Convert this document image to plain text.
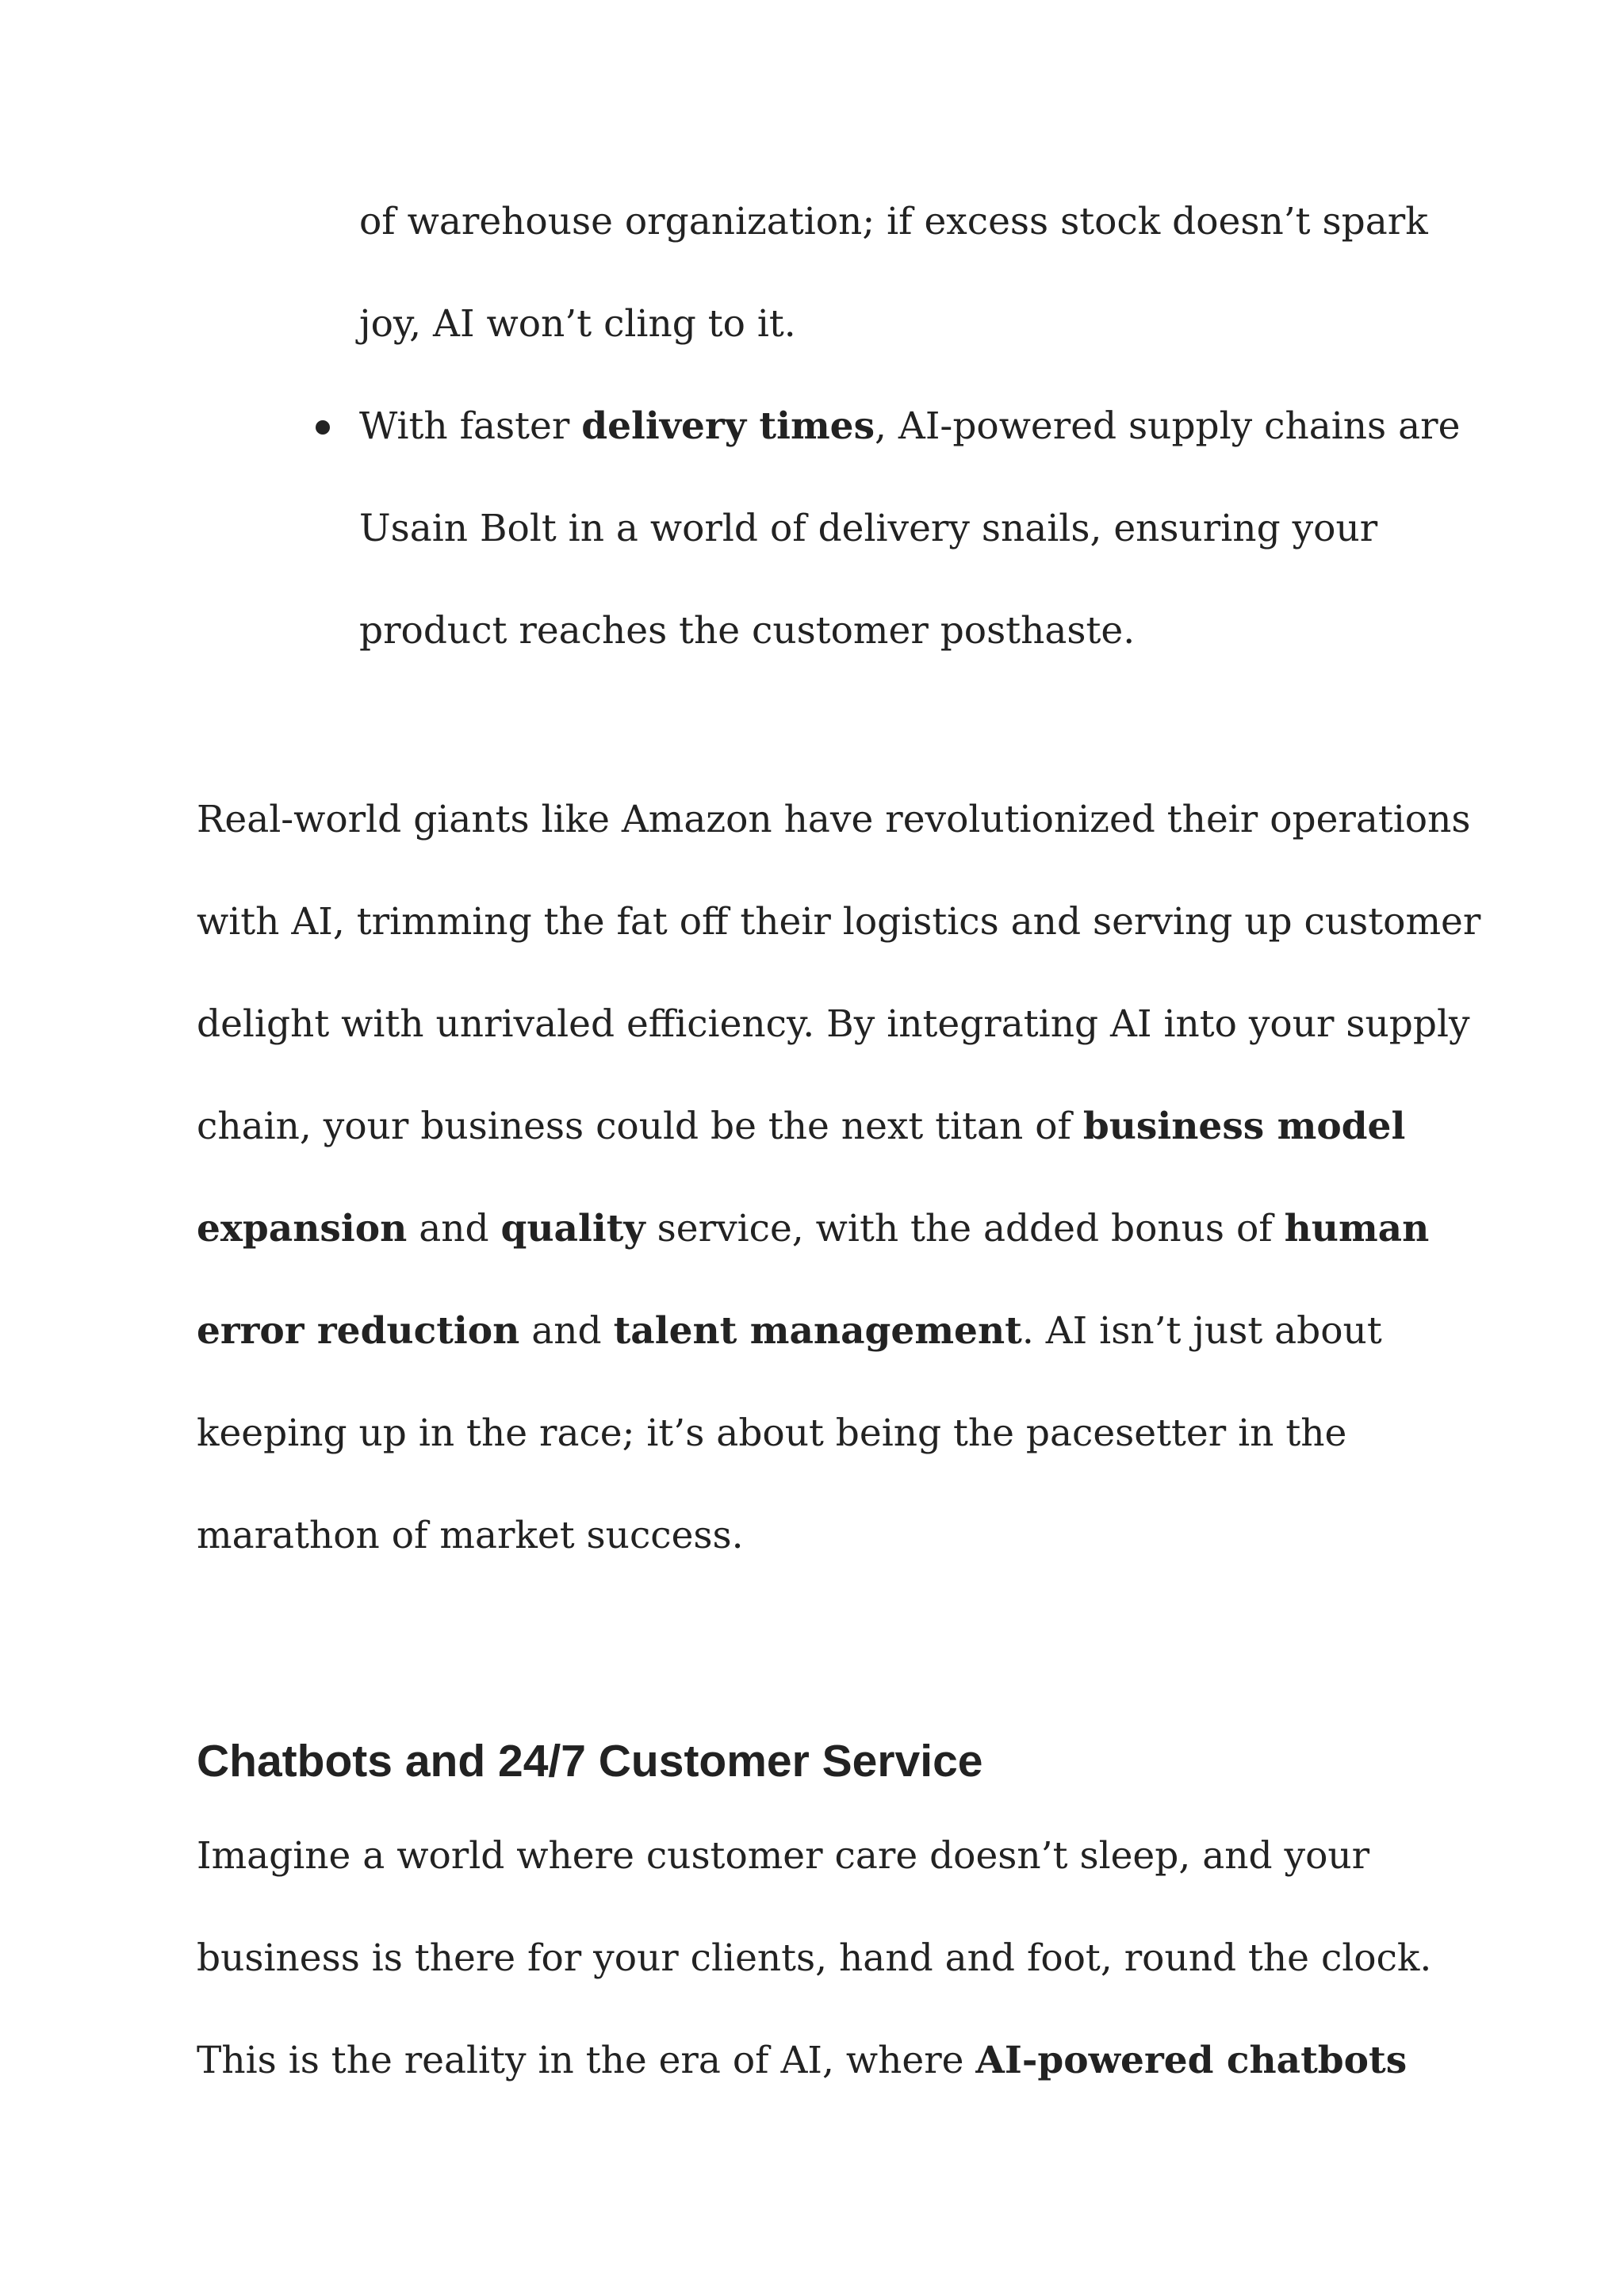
of warehouse organization; if excess stock doesn’t spark
joy, AI won’t cling to it.
With faster delivery times, AI-powered supply chains are
Usain Bolt in a world of delivery snails, ensuring your
product reaches the customer posthaste.
Real-world giants like Amazon have revolutionized their operations
with AI, trimming the fat off their logistics and serving up customer
delight with unrivaled efficiency. By integrating AI into your supply
chain, your business could be the next titan of business model
expansion and quality service, with the added bonus of human
error reduction and talent management. AI isn’t just about
keeping up in the race; it’s about being the pacesetter in the
marathon of market success.
Chatbots and 24/7 Customer Service
Imagine a world where customer care doesn’t sleep, and your
business is there for your clients, hand and foot, round the clock.
This is the reality in the era of AI, where AI-powered chatbots
